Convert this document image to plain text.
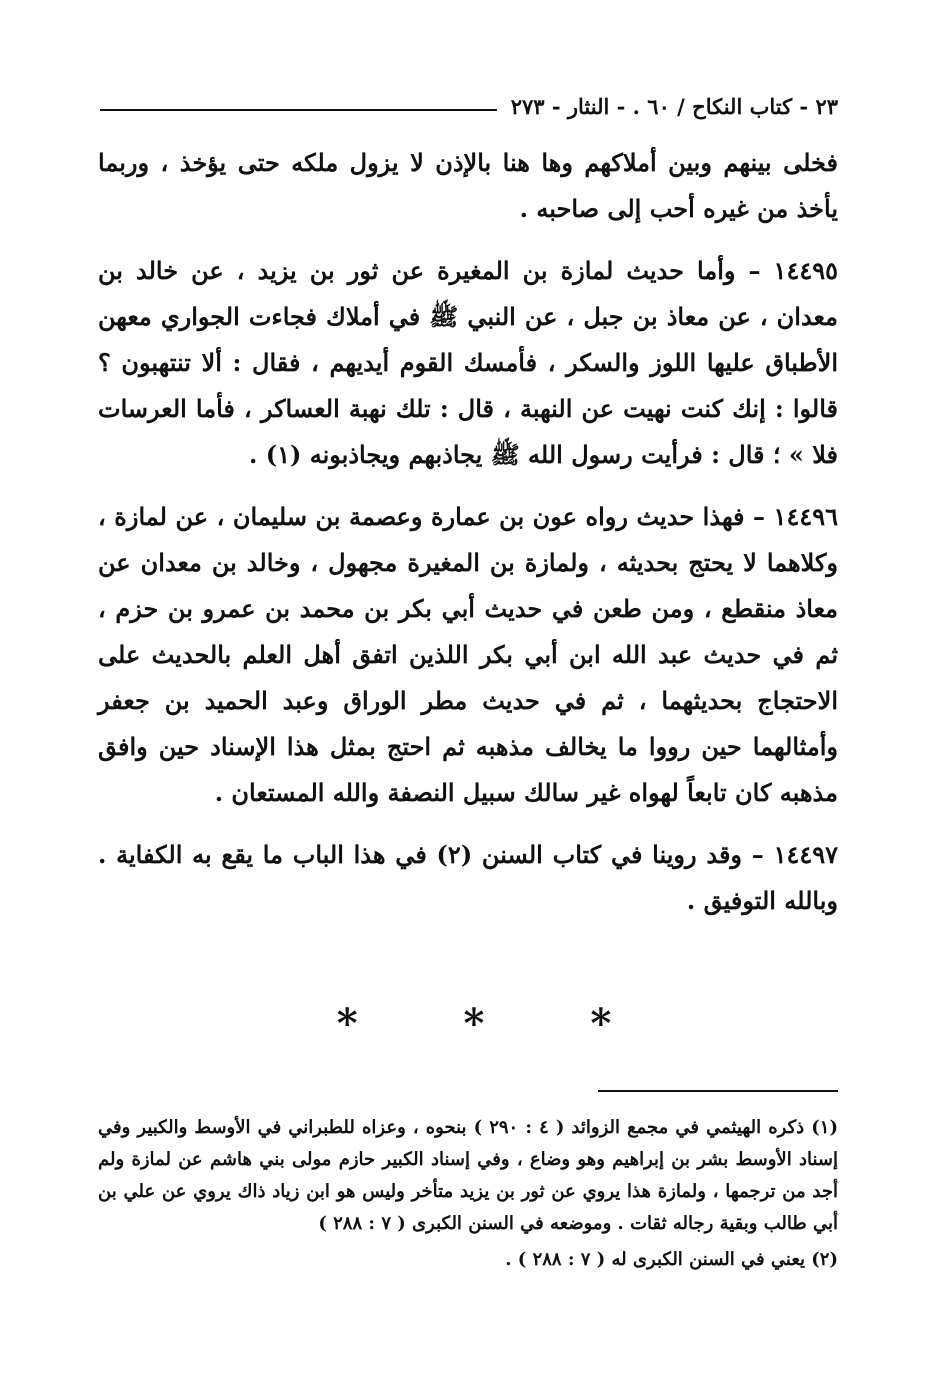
٢٣ - كتاب النكاح / ٦٠ . - النثار - ٢٧٣

فخلى بينهم وبين أملاكهم وها هنا بالإذن لا يزول ملكه حتى يؤخذ ، وربما يأخذ من غيره أحب إلى صاحبه .

١٤٤٩٥ – وأما حديث لمازة بن المغيرة عن ثور بن يزيد ، عن خالد بن معدان ، عن معاذ بن جبل ، عن النبي ﷺ في أملاك فجاءت الجواري معهن الأطباق عليها اللوز والسكر ، فأمسك القوم أيديهم ، فقال : ألا تنتهبون ؟ قالوا : إنك كنت نهيت عن النهبة ، قال : تلك نهبة العساكر ، فأما العرسات فلا » ؛ قال : فرأيت رسول الله ﷺ يجاذبهم ويجاذبونه (١) .

١٤٤٩٦ – فهذا حديث رواه عون بن عمارة وعصمة بن سليمان ، عن لمازة ، وكلاهما لا يحتج بحديثه ، ولمازة بن المغيرة مجهول ، وخالد بن معدان عن معاذ منقطع ، ومن طعن في حديث أبي بكر بن محمد بن عمرو بن حزم ، ثم في حديث عبد الله ابن أبي بكر اللذين اتفق أهل العلم بالحديث على الاحتجاج بحديثهما ، ثم في حديث مطر الوراق وعبد الحميد بن جعفر وأمثالهما حين رووا ما يخالف مذهبه ثم احتج بمثل هذا الإسناد حين وافق مذهبه كان تابعاً لهواه غير سالك سبيل النصفة والله المستعان .

١٤٤٩٧ – وقد روينا في كتاب السنن (٢) في هذا الباب ما يقع به الكفاية . وبالله التوفيق .

* * *

(١) ذكره الهيثمي في مجمع الزوائد ( ٤ : ٢٩٠ ) بنحوه ، وعزاه للطبراني في الأوسط والكبير وفي إسناد الأوسط بشر بن إبراهيم وهو وضاع ، وفي إسناد الكبير حازم مولى بني هاشم عن لمازة ولم أجد من ترجمها ، ولمازة هذا يروي عن ثور بن يزيد متأخر وليس هو ابن زياد ذاك يروي عن علي بن أبي طالب وبقية رجاله ثقات . وموضعه في السنن الكبرى ( ٧ : ٢٨٨ )

(٢) يعني في السنن الكبرى له ( ٧ : ٢٨٨ ) .
